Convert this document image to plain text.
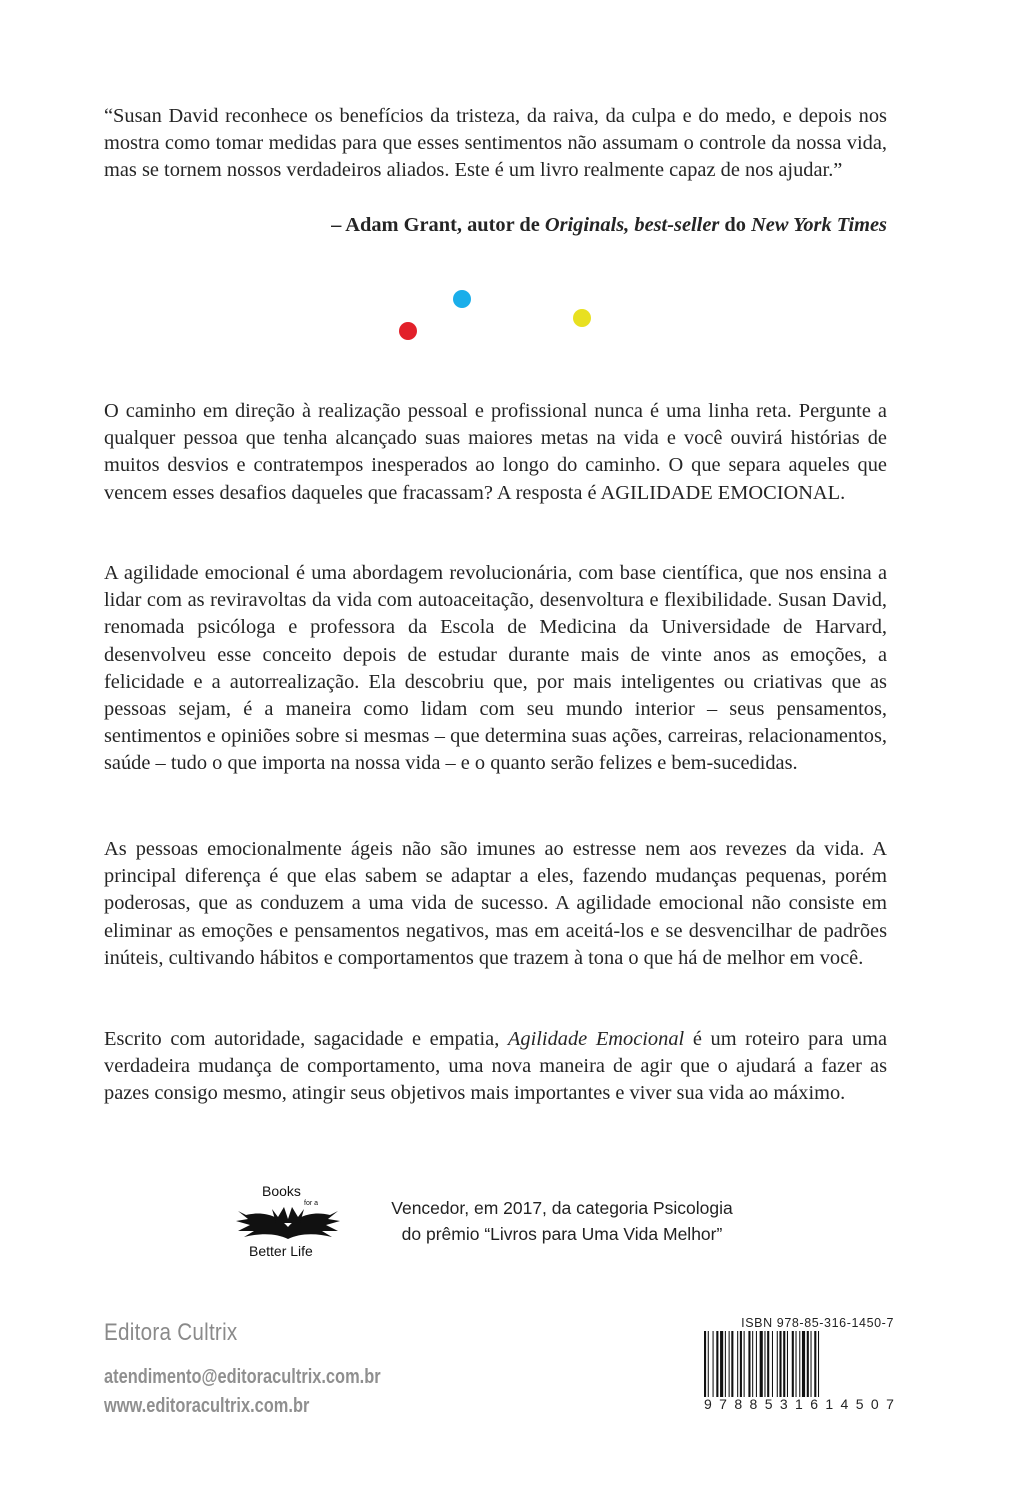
“Susan David reconhece os benefícios da tristeza, da raiva, da culpa e do medo, e depois nos mostra como tomar medidas para que esses sentimentos não assumam o controle da nossa vida, mas se tornem nossos verdadeiros aliados. Este é um livro realmente capaz de nos ajudar.”

– Adam Grant, autor de Originals, best-seller do New York Times

O caminho em direção à realização pessoal e profissional nunca é uma linha reta. Pergunte a qualquer pessoa que tenha alcançado suas maiores metas na vida e você ouvirá histórias de muitos desvios e contratempos inesperados ao longo do caminho. O que separa aqueles que vencem esses desafios daqueles que fracassam? A resposta é AGILIDADE EMOCIONAL.

A agilidade emocional é uma abordagem revolucionária, com base científica, que nos ensina a lidar com as reviravoltas da vida com autoaceitação, desenvoltura e flexibilidade. Susan David, renomada psicóloga e professora da Escola de Medicina da Universidade de Harvard, desenvolveu esse conceito depois de estudar durante mais de vinte anos as emoções, a felicidade e a autorrealização. Ela descobriu que, por mais inteligentes ou criativas que as pessoas sejam, é a maneira como lidam com seu mundo interior – seus pensamentos, sentimentos e opiniões sobre si mesmas – que determina suas ações, carreiras, relacionamentos, saúde – tudo o que importa na nossa vida – e o quanto serão felizes e bem-sucedidas.

As pessoas emocionalmente ágeis não são imunes ao estresse nem aos revezes da vida. A principal diferença é que elas sabem se adaptar a eles, fazendo mudanças pequenas, porém poderosas, que as conduzem a uma vida de sucesso. A agilidade emocional não consiste em eliminar as emoções e pensamentos negativos, mas em aceitá-los e se desvencilhar de padrões inúteis, cultivando hábitos e comportamentos que trazem à tona o que há de melhor em você.

Escrito com autoridade, sagacidade e empatia, Agilidade Emocional é um roteiro para uma verdadeira mudança de comportamento, uma nova maneira de agir que o ajudará a fazer as pazes consigo mesmo, atingir seus objetivos mais importantes e viver sua vida ao máximo.

Books
for a
Better Life
Vencedor, em 2017, da categoria Psicologia
do prêmio “Livros para Uma Vida Melhor”
Editora Cultrix
atendimento@editoracultrix.com.br
www.editoracultrix.com.br
ISBN 978-85-316-1450-7
9 7 8 8 5 3 1 6 1 4 5 0 7
